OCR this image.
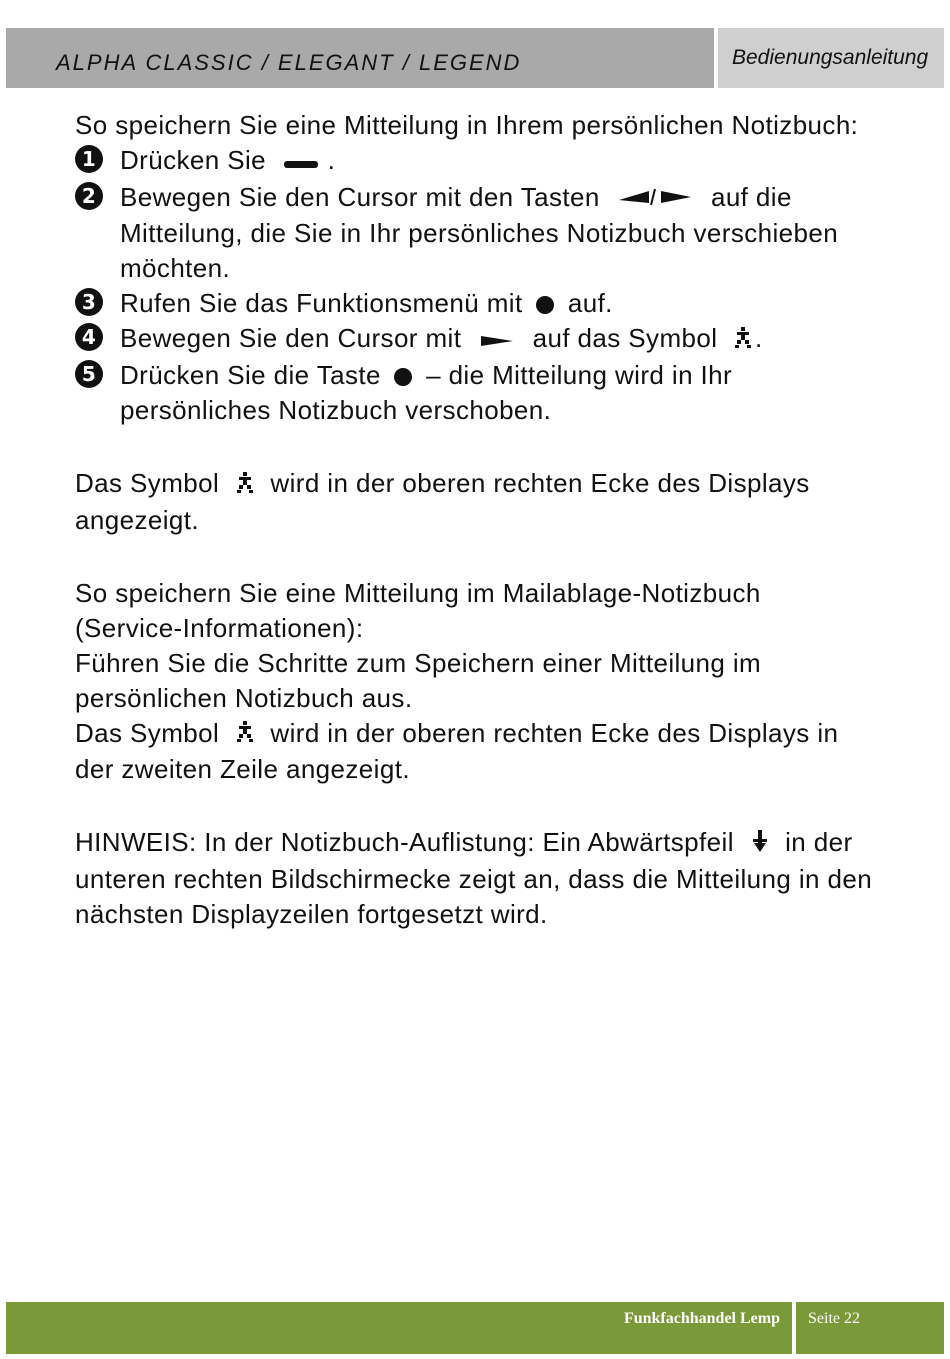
ALPHA CLASSIC / ELEGANT / LEGEND	Bedienungsanleitung

So speichern Sie eine Mitteilung in Ihrem persönlichen Notizbuch:

1 Drücken Sie .

2 Bewegen Sie den Cursor mit den Tasten	auf die Mitteilung, die Sie in Ihr persönliches Notizbuch verschieben möchten.

3 Rufen Sie das Funktionsmenü mit auf.

4 Bewegen Sie den Cursor mit	auf das Symbol .

5 Drücken Sie die Taste – die Mitteilung wird in Ihr persönliches Notizbuch verschoben.

Das Symbol wird in der oberen rechten Ecke des Displays angezeigt.

So speichern Sie eine Mitteilung im Mailablage-Notizbuch (Service-Informationen):

Führen Sie die Schritte zum Speichern einer Mitteilung im persönlichen Notizbuch aus.

Das Symbol wird in der oberen rechten Ecke des Displays in der zweiten Zeile angezeigt.

HINWEIS: In der Notizbuch-Auflistung: Ein Abwärtspfeil in der unteren rechten Bildschirmecke zeigt an, dass die Mitteilung in den nächsten Displayzeilen fortgesetzt wird.

Funkfachhandel Lemp Seite 22
